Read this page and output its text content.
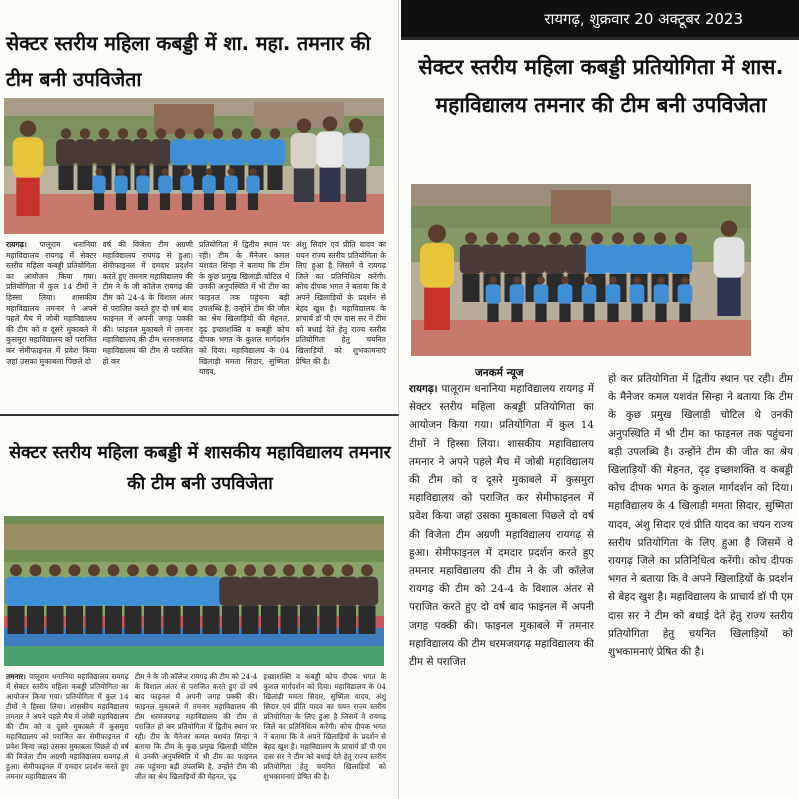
सेक्टर स्तरीय महिला कबड्डी में शा. महा. तमनार की टीम बनी उपविजेता
रायगढ़। पालूराम धनानिया महाविद्यालय रायगढ़ में सेक्टर स्तरीय महिला कबड्डी प्रतियोगिता का आयोजन किया गया। प्रतियोगिता में कुल 14 टीमों ने हिस्सा लिया। शासकीय महाविद्यालय तमनार ने अपने पहले मैच में जोबी महाविद्यालय की टीम को व दूसरे मुकाबले में कुसमुरा महाविद्यालय को पराजित कर सेमीफाइनल में प्रवेश किया जहां उसका मुकाबला पिछले दो
वर्ष की विजेता टीम अग्रणी महाविद्यालय रायगढ़ से हुआ। सेमीफाइनल में दमदार प्रदर्शन करते हुए तमनार महाविद्यालय की टीम ने के जी कॉलेज रायगढ़ की टीम को 24-4 के विशाल अंतर से पराजित करते हुए दो वर्ष बाद फाइनल में अपनी जगह पक्की की। फाइनल मुकाबले में तमनार महाविद्यालय की टीम धरमजयगढ़ महाविद्यालय की टीम से पराजित हो कर
प्रतियोगिता में द्वितीय स्थान पर रही। टीम के मैनेजर कमल यशवंत सिन्हा ने बताया कि टीम के कुछ प्रमुख खिलाड़ी चोटिल थे उनकी अनुपस्थिति में भी टीम का फाइनल तक पहुंचना बड़ी उपलब्धि है, उन्होंने टीम की जीत का श्रेय खिलाड़ियों की मेहनत, दृढ़ इच्छाशक्ति व कबड्डी कोच दीपक भगत के कुशल मार्गदर्शन को दिया। महाविद्यालय के 04 खिलाड़ी ममता सिदार, सुष्मिता यादव,
अंशु सिदार एवं प्रीति यादव का चयन राज्य स्तरीय प्रतियोगिता के लिए हुआ है जिसमें वे रायगढ़ जिले का प्रतिनिधित्व करेंगी। कोच दीपक भगत ने बताया कि वे अपने खिलाड़ियों के प्रदर्शन से बेहद खुश है। महाविद्यालय के प्राचार्य डॉ पी एम दास सर ने टीम को बधाई देते हेतु राज्य स्तरीय प्रतियोगिता हेतु चयनित खिलाड़ियों को शुभकामनाएं प्रेषित की है।
सेक्टर स्तरीय महिला कबड्डी में शासकीय महाविद्यालय तमनार की टीम बनी उपविजेता
तमनार। पालूराम धनानिया महाविद्यालय रायगढ़ में सेक्टर स्तरीय महिला कबड्डी प्रतियोगिता का आयोजन किया गया। प्रतियोगिता में कुल 14 टीमों ने हिस्सा लिया। शासकीय महाविद्यालय तमनार ने अपने पहले मैच में जोबी महाविद्यालय की टीम को व दूसरे मुकाबले में कुसमुरा महाविद्यालय को पराजित कर सेमीफाइनल में प्रवेश किया जहां उसका मुकाबला पिछले दो वर्ष की विजेता टीम अग्रणी महाविद्यालय रायगढ़ से हुआ। सेमीफाइनल में दमदार प्रदर्शन करते हुए तमनार महाविद्यालय की
टीम ने के जी कॉलेज रायगढ़ की टीम को 24-4 के विशाल अंतर से पराजित करते हुए दो वर्ष बाद फाइनल में अपनी जगह पक्की की। फाइनल मुकाबले में तमनार महाविद्यालय की टीम धरमजयगढ़ महाविद्यालय की टीम से पराजित हो कर प्रतियोगिता में द्वितीय स्थान पर रही। टीम के मैनेजर कमल यशवंत सिन्हा ने बताया कि टीम के कुछ प्रमुख खिलाड़ी चोटिल थे उनकी अनुपस्थिति में भी टीम का फाइनल तक पहुंचना बड़ी उपलब्धि है, उन्होंने टीम की जीत का श्रेय खिलाड़ियों की मेहनत, दृढ़
इच्छाशक्ति व कबड्डी कोच दीपक भगत के कुशल मार्गदर्शन को दिया। महाविद्यालय के 04 खिलाड़ी ममता सिदार, सुष्मिता यादव, अंशु सिदार एवं प्रीति यादव का चयन राज्य स्तरीय प्रतियोगिता के लिए हुआ है जिसमें वे रायगढ़ जिले का प्रतिनिधित्व करेंगी। कोच दीपक भगत ने बताया कि वे अपने खिलाड़ियों के प्रदर्शन से बेहद खुश है। महाविद्यालय के प्राचार्य डॉ पी एम दास सर ने टीम को बधाई देते हेतु राज्य स्तरीय प्रतियोगिता हेतु चयनित खिलाड़ियों को शुभकामनाएं प्रेषित की है।
रायगढ़, शुक्रवार 20 अक्टूबर 2023
सेक्टर स्तरीय महिला कबड्डी प्रतियोगिता में शास. महाविद्यालय तमनार की टीम बनी उपविजेता
जनकर्म न्यूज
रायगढ़। पालूराम धनानिया महाविद्यालय रायगढ़ में सेक्टर स्तरीय महिला कबड्डी प्रतियोगिता का आयोजन किया गया। प्रतियोगिता में कुल 14 टीमों ने हिस्सा लिया। शासकीय महाविद्यालय तमनार ने अपने पहले मैच में जोबी महाविद्यालय की टीम को व दूसरे मुकाबले में कुसमुरा महाविद्यालय को पराजित कर सेमीफाइनल में प्रवेश किया जहां उसका मुकाबला पिछले दो वर्ष की विजेता टीम अग्रणी महाविद्यालय रायगढ़ से हुआ। सेमीफाइनल में दमदार प्रदर्शन करते हुए तमनार महाविद्यालय की टीम ने के जी कॉलेज रायगढ़ की टीम को 24-4 के विशाल अंतर से पराजित करते हुए दो वर्ष बाद फाइनल में अपनी जगह पक्की की। फाइनल मुकाबले में तमनार महाविद्यालय की टीम धरमजयगढ़ महाविद्यालय की टीम से पराजित
हो कर प्रतियोगिता में द्वितीय स्थान पर रही। टीम के मैनेजर कमल यशवंत सिन्हा ने बताया कि टीम के कुछ प्रमुख खिलाड़ी चोटिल थे उनकी अनुपस्थिति में भी टीम का फाइनल तक पहुंचना बड़ी उपलब्धि है। उन्होंने टीम की जीत का श्रेय खिलाड़ियों की मेहनत, दृढ़ इच्छाशक्ति व कबड्डी कोच दीपक भगत के कुशल मार्गदर्शन को दिया। महाविद्यालय के 4 खिलाड़ी ममता सिदार, सुष्मिता यादव, अंशु सिदार एवं प्रीति यादव का चयन राज्य स्तरीय प्रतियोगिता के लिए हुआ है जिसमें वे रायगढ़ जिले का प्रतिनिधित्व करेंगी। कोच दीपक भगत ने बताया कि वे अपने खिलाड़ियों के प्रदर्शन से बेहद खुश है। महाविद्यालय के प्राचार्य डॉ पी एम दास सर ने टीम को बधाई देते हेतु राज्य स्तरीय प्रतियोगिता हेतु चयनित खिलाड़ियों को शुभकामनाएं प्रेषित की है।
